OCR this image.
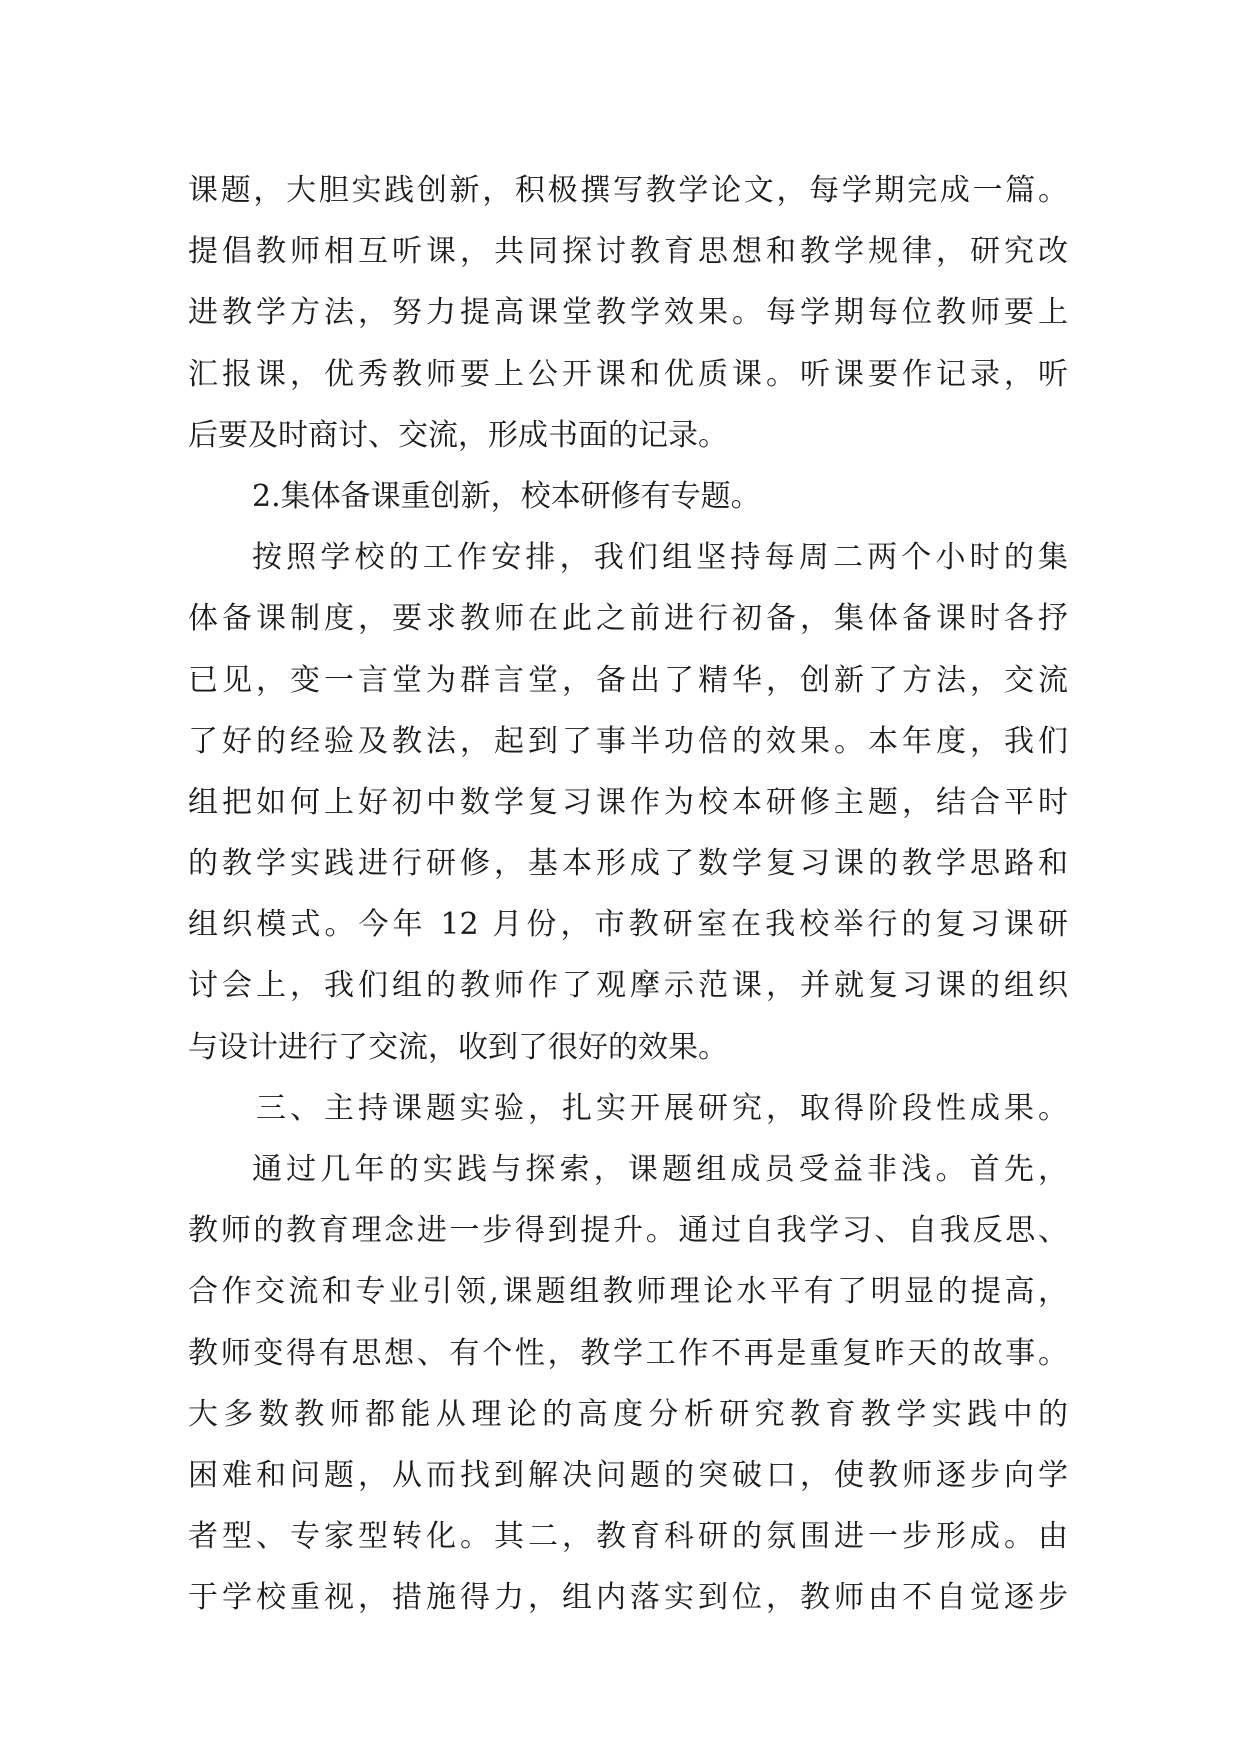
课题，大胆实践创新，积极撰写教学论文，每学期完成一篇。
提倡教师相互听课，共同探讨教育思想和教学规律，研究改
进教学方法，努力提高课堂教学效果。每学期每位教师要上
汇报课，优秀教师要上公开课和优质课。听课要作记录，听
后要及时商讨、交流，形成书面的记录。
2.集体备课重创新，校本研修有专题。
按照学校的工作安排，我们组坚持每周二两个小时的集
体备课制度，要求教师在此之前进行初备，集体备课时各抒
已见，变一言堂为群言堂，备出了精华，创新了方法，交流
了好的经验及教法，起到了事半功倍的效果。本年度，我们
组把如何上好初中数学复习课作为校本研修主题，结合平时
的教学实践进行研修，基本形成了数学复习课的教学思路和
组织模式。今年 12 月份，市教研室在我校举行的复习课研
讨会上，我们组的教师作了观摩示范课，并就复习课的组织
与设计进行了交流，收到了很好的效果。
三、主持课题实验，扎实开展研究，取得阶段性成果。
通过几年的实践与探索，课题组成员受益非浅。首先，
教师的教育理念进一步得到提升。通过自我学习、自我反思、
合作交流和专业引领,课题组教师理论水平有了明显的提高，
教师变得有思想、有个性，教学工作不再是重复昨天的故事。
大多数教师都能从理论的高度分析研究教育教学实践中的
困难和问题，从而找到解决问题的突破口，使教师逐步向学
者型、专家型转化。其二，教育科研的氛围进一步形成。由
于学校重视，措施得力，组内落实到位，教师由不自觉逐步
